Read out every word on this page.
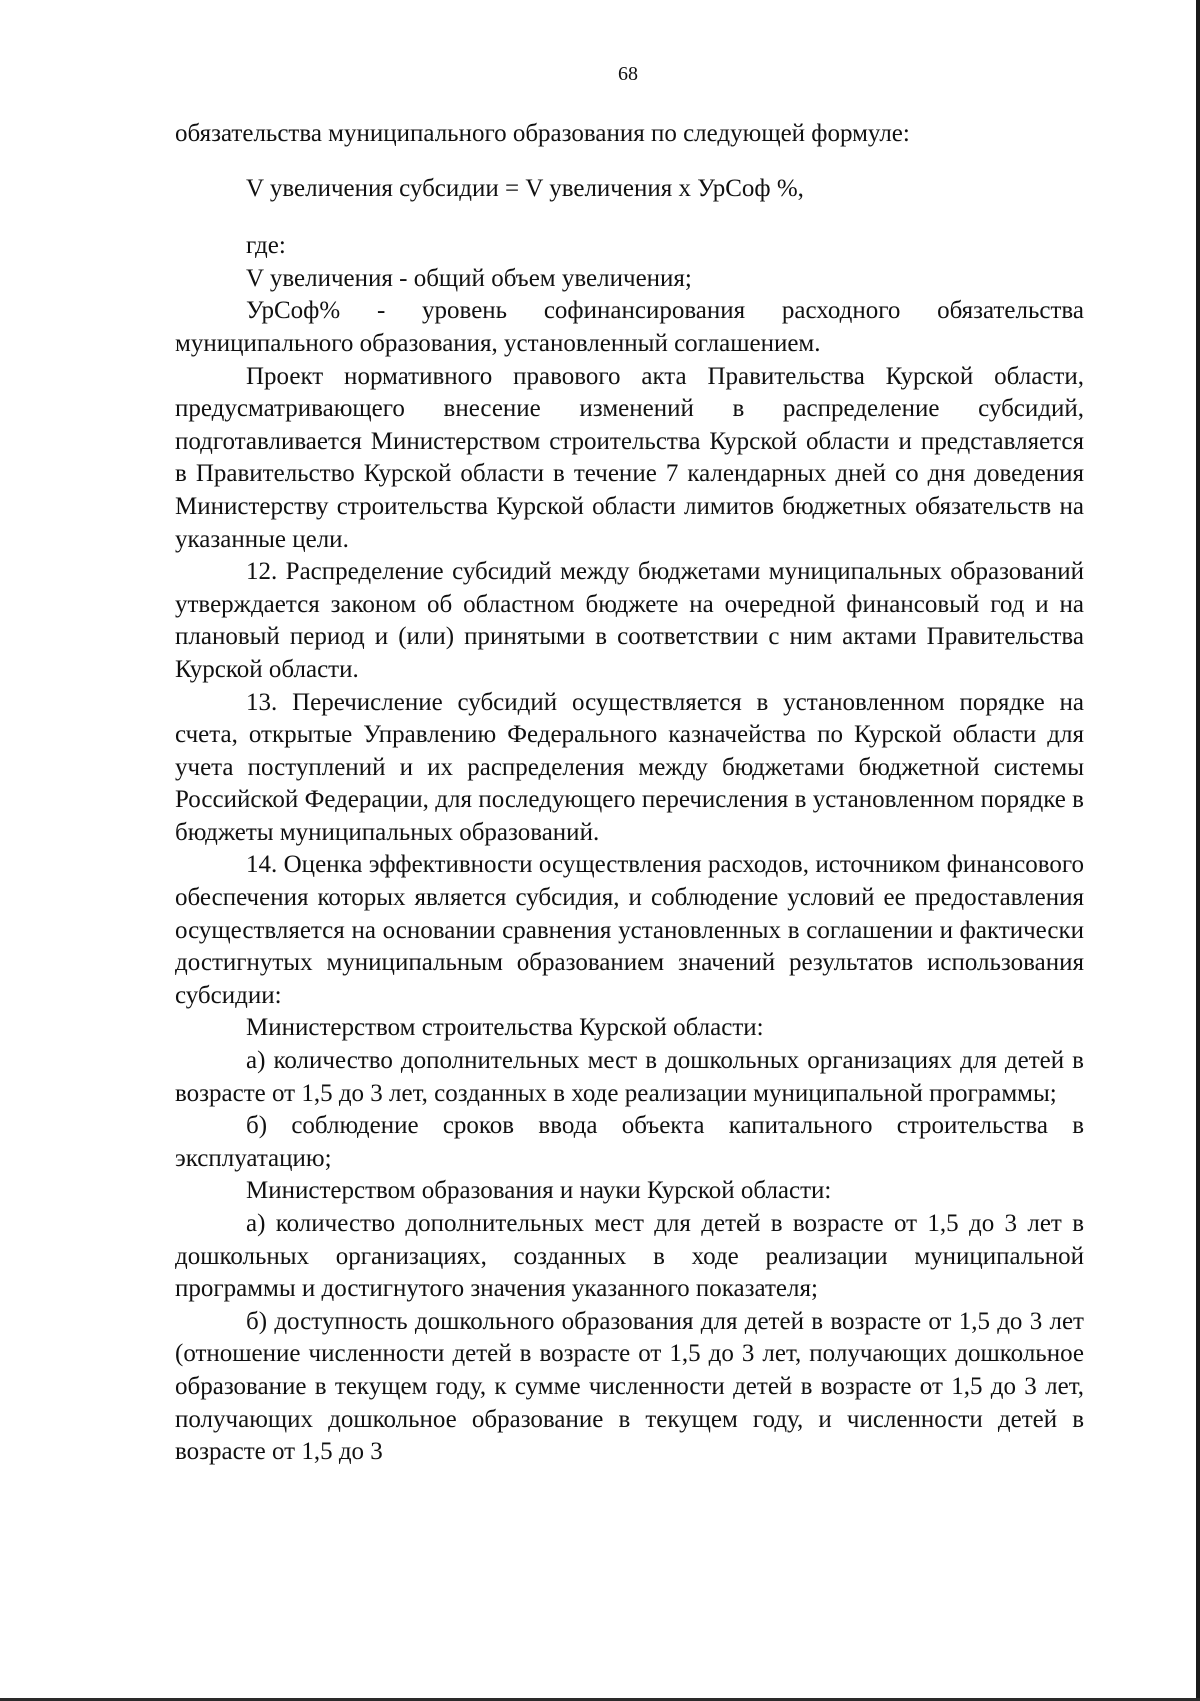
68

обязательства муниципального образования по следующей формуле:

V увеличения субсидии = V увеличения х УрСоф %,

где:

V увеличения - общий объем увеличения;

УрСоф% - уровень софинансирования расходного обязательства муниципального образования, установленный соглашением.

Проект нормативного правового акта Правительства Курской области, предусматривающего внесение изменений в распределение субсидий, подготавливается Министерством строительства Курской области и представляется в Правительство Курской области в течение 7 календарных дней со дня доведения Министерству строительства Курской области лимитов бюджетных обязательств на указанные цели.

12. Распределение субсидий между бюджетами муниципальных образований утверждается законом об областном бюджете на очередной финансовый год и на плановый период и (или) принятыми в соответствии с ним актами Правительства Курской области.

13. Перечисление субсидий осуществляется в установленном порядке на счета, открытые Управлению Федерального казначейства по Курской области для учета поступлений и их распределения между бюджетами бюджетной системы Российской Федерации, для последующего перечисления в установленном порядке в бюджеты муниципальных образований.

14. Оценка эффективности осуществления расходов, источником финансового обеспечения которых является субсидия, и соблюдение условий ее предоставления осуществляется на основании сравнения установленных в соглашении и фактически достигнутых муниципальным образованием значений результатов использования субсидии:

Министерством строительства Курской области:

а) количество дополнительных мест в дошкольных организациях для детей в возрасте от 1,5 до 3 лет, созданных в ходе реализации муниципальной программы;

б) соблюдение сроков ввода объекта капитального строительства в эксплуатацию;

Министерством образования и науки Курской области:

а) количество дополнительных мест для детей в возрасте от 1,5 до 3 лет в дошкольных организациях, созданных в ходе реализации муниципальной программы и достигнутого значения указанного показателя;

б) доступность дошкольного образования для детей в возрасте от 1,5 до 3 лет (отношение численности детей в возрасте от 1,5 до 3 лет, получающих дошкольное образование в текущем году, к сумме численности детей в возрасте от 1,5 до 3 лет, получающих дошкольное образование в текущем году, и численности детей в возрасте от 1,5 до 3
